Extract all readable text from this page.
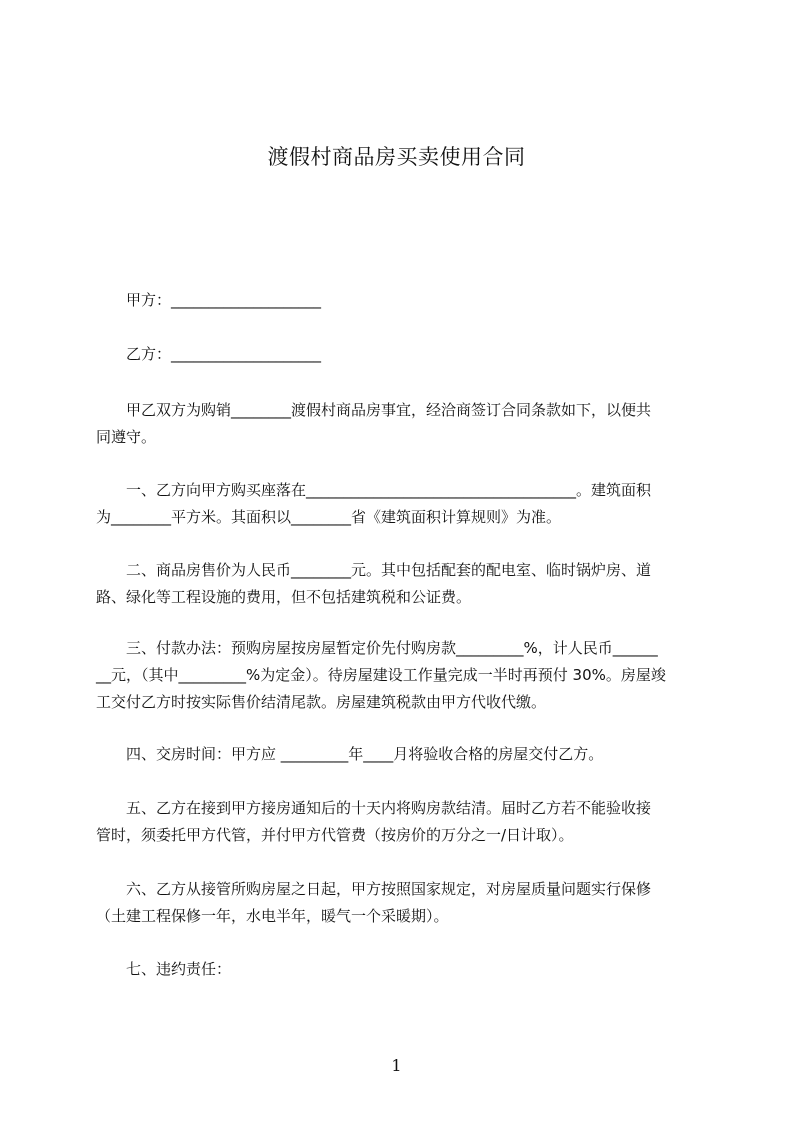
渡假村商品房买卖使用合同
　　甲方：____________________
　　乙方：____________________
　　甲乙双方为购销________渡假村商品房事宜，经洽商签订合同条款如下，以便共
同遵守。
　　一、乙方向甲方购买座落在____________________________________。建筑面积
为________平方米。其面积以________省《建筑面积计算规则》为准。
　　二、商品房售价为人民币________元。其中包括配套的配电室、临时锅炉房、道
路、绿化等工程设施的费用，但不包括建筑税和公证费。
　　三、付款办法：预购房屋按房屋暂定价先付购房款_________%，计人民币______
__元，（其中_________%为定金）。待房屋建设工作量完成一半时再预付 30%。房屋竣
工交付乙方时按实际售价结清尾款。房屋建筑税款由甲方代收代缴。
　　四、交房时间：甲方应 _________年____月将验收合格的房屋交付乙方。
　　五、乙方在接到甲方接房通知后的十天内将购房款结清。届时乙方若不能验收接
管时，须委托甲方代管，并付甲方代管费（按房价的万分之一/日计取）。
　　六、乙方从接管所购房屋之日起，甲方按照国家规定，对房屋质量问题实行保修
（土建工程保修一年，水电半年，暖气一个采暖期）。
　　七、违约责任：
1
